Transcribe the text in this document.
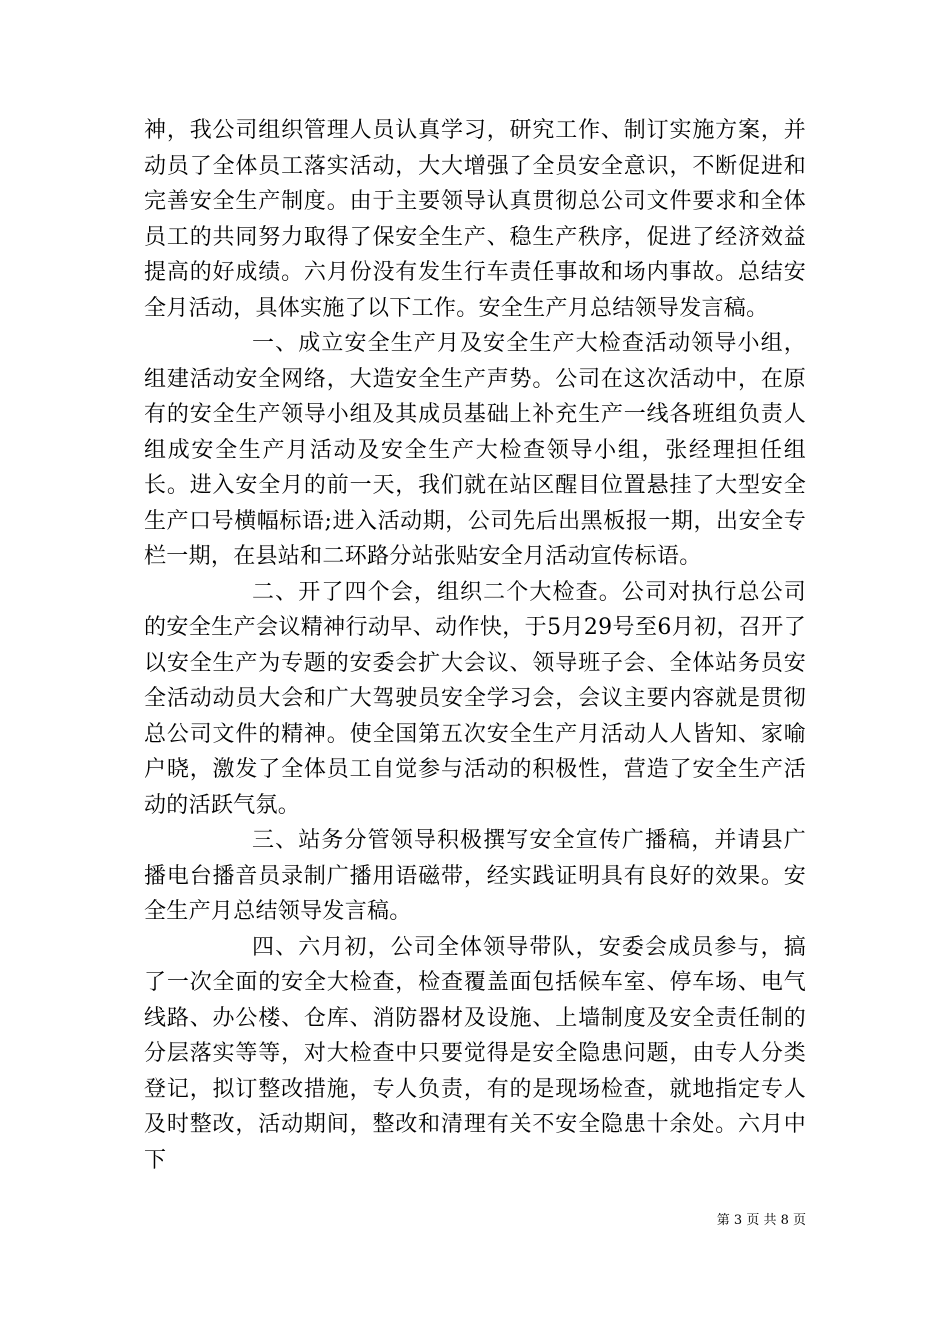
神，我公司组织管理人员认真学习，研究工作、制订实施方案，并动员了全体员工落实活动，大大增强了全员安全意识，不断促进和完善安全生产制度。由于主要领导认真贯彻总公司文件要求和全体员工的共同努力取得了保安全生产、稳生产秩序，促进了经济效益提高的好成绩。六月份没有发生行车责任事故和场内事故。总结安全月活动，具体实施了以下工作。安全生产月总结领导发言稿。

一、成立安全生产月及安全生产大检查活动领导小组，组建活动安全网络，大造安全生产声势。公司在这次活动中，在原有的安全生产领导小组及其成员基础上补充生产一线各班组负责人组成安全生产月活动及安全生产大检查领导小组，张经理担任组长。进入安全月的前一天，我们就在站区醒目位置悬挂了大型安全生产口号横幅标语;进入活动期，公司先后出黑板报一期，出安全专栏一期，在县站和二环路分站张贴安全月活动宣传标语。

二、开了四个会，组织二个大检查。公司对执行总公司的安全生产会议精神行动早、动作快，于5月29号至6月初，召开了以安全生产为专题的安委会扩大会议、领导班子会、全体站务员安全活动动员大会和广大驾驶员安全学习会，会议主要内容就是贯彻总公司文件的精神。使全国第五次安全生产月活动人人皆知、家喻户晓，激发了全体员工自觉参与活动的积极性，营造了安全生产活动的活跃气氛。

三、站务分管领导积极撰写安全宣传广播稿，并请县广播电台播音员录制广播用语磁带，经实践证明具有良好的效果。安全生产月总结领导发言稿。

四、六月初，公司全体领导带队，安委会成员参与，搞了一次全面的安全大检查，检查覆盖面包括候车室、停车场、电气线路、办公楼、仓库、消防器材及设施、上墙制度及安全责任制的分层落实等等，对大检查中只要觉得是安全隐患问题，由专人分类登记，拟订整改措施，专人负责，有的是现场检查，就地指定专人及时整改，活动期间，整改和清理有关不安全隐患十余处。六月中下

第 3 页 共 8 页
